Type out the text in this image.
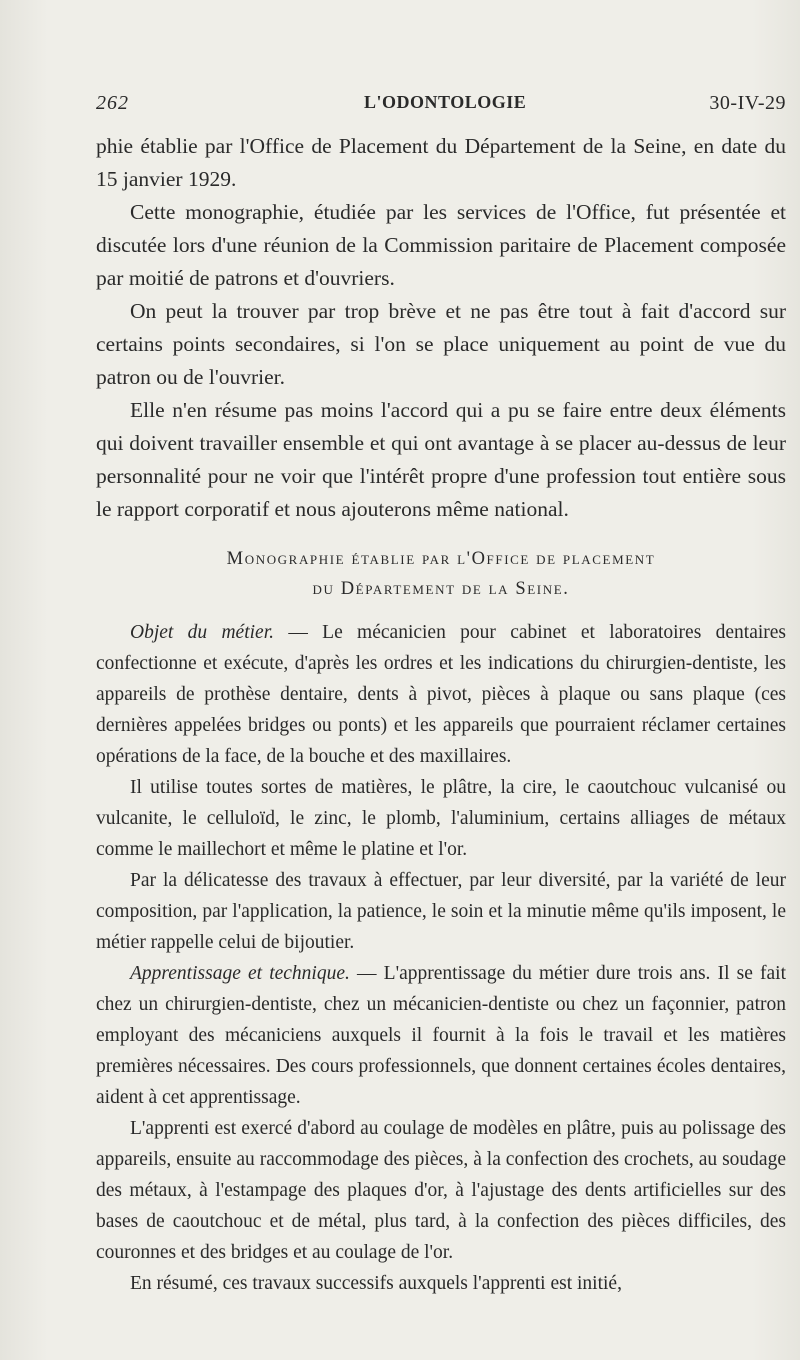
262	L'ODONTOLOGIE	30-IV-29

phie établie par l'Office de Placement du Département de la Seine, en date du 15 janvier 1929.

Cette monographie, étudiée par les services de l'Office, fut présentée et discutée lors d'une réunion de la Commission paritaire de Placement composée par moitié de patrons et d'ouvriers.

On peut la trouver par trop brève et ne pas être tout à fait d'accord sur certains points secondaires, si l'on se place uniquement au point de vue du patron ou de l'ouvrier.

Elle n'en résume pas moins l'accord qui a pu se faire entre deux éléments qui doivent travailler ensemble et qui ont avantage à se placer au-dessus de leur personnalité pour ne voir que l'intérêt propre d'une profession tout entière sous le rapport corporatif et nous ajouterons même national.

Monographie établie par l'Office de placement
du Département de la Seine.

Objet du métier. — Le mécanicien pour cabinet et laboratoires dentaires confectionne et exécute, d'après les ordres et les indications du chirurgien-dentiste, les appareils de prothèse dentaire, dents à pivot, pièces à plaque ou sans plaque (ces dernières appelées bridges ou ponts) et les appareils que pourraient réclamer certaines opérations de la face, de la bouche et des maxillaires.

Il utilise toutes sortes de matières, le plâtre, la cire, le caoutchouc vulcanisé ou vulcanite, le celluloïd, le zinc, le plomb, l'aluminium, certains alliages de métaux comme le maillechort et même le platine et l'or.

Par la délicatesse des travaux à effectuer, par leur diversité, par la variété de leur composition, par l'application, la patience, le soin et la minutie même qu'ils imposent, le métier rappelle celui de bijoutier.

Apprentissage et technique. — L'apprentissage du métier dure trois ans. Il se fait chez un chirurgien-dentiste, chez un mécanicien-dentiste ou chez un façonnier, patron employant des mécaniciens auxquels il fournit à la fois le travail et les matières premières nécessaires. Des cours professionnels, que donnent certaines écoles dentaires, aident à cet apprentissage.

L'apprenti est exercé d'abord au coulage de modèles en plâtre, puis au polissage des appareils, ensuite au raccommodage des pièces, à la confection des crochets, au soudage des métaux, à l'estampage des plaques d'or, à l'ajustage des dents artificielles sur des bases de caoutchouc et de métal, plus tard, à la confection des pièces difficiles, des couronnes et des bridges et au coulage de l'or.

En résumé, ces travaux successifs auxquels l'apprenti est initié,
